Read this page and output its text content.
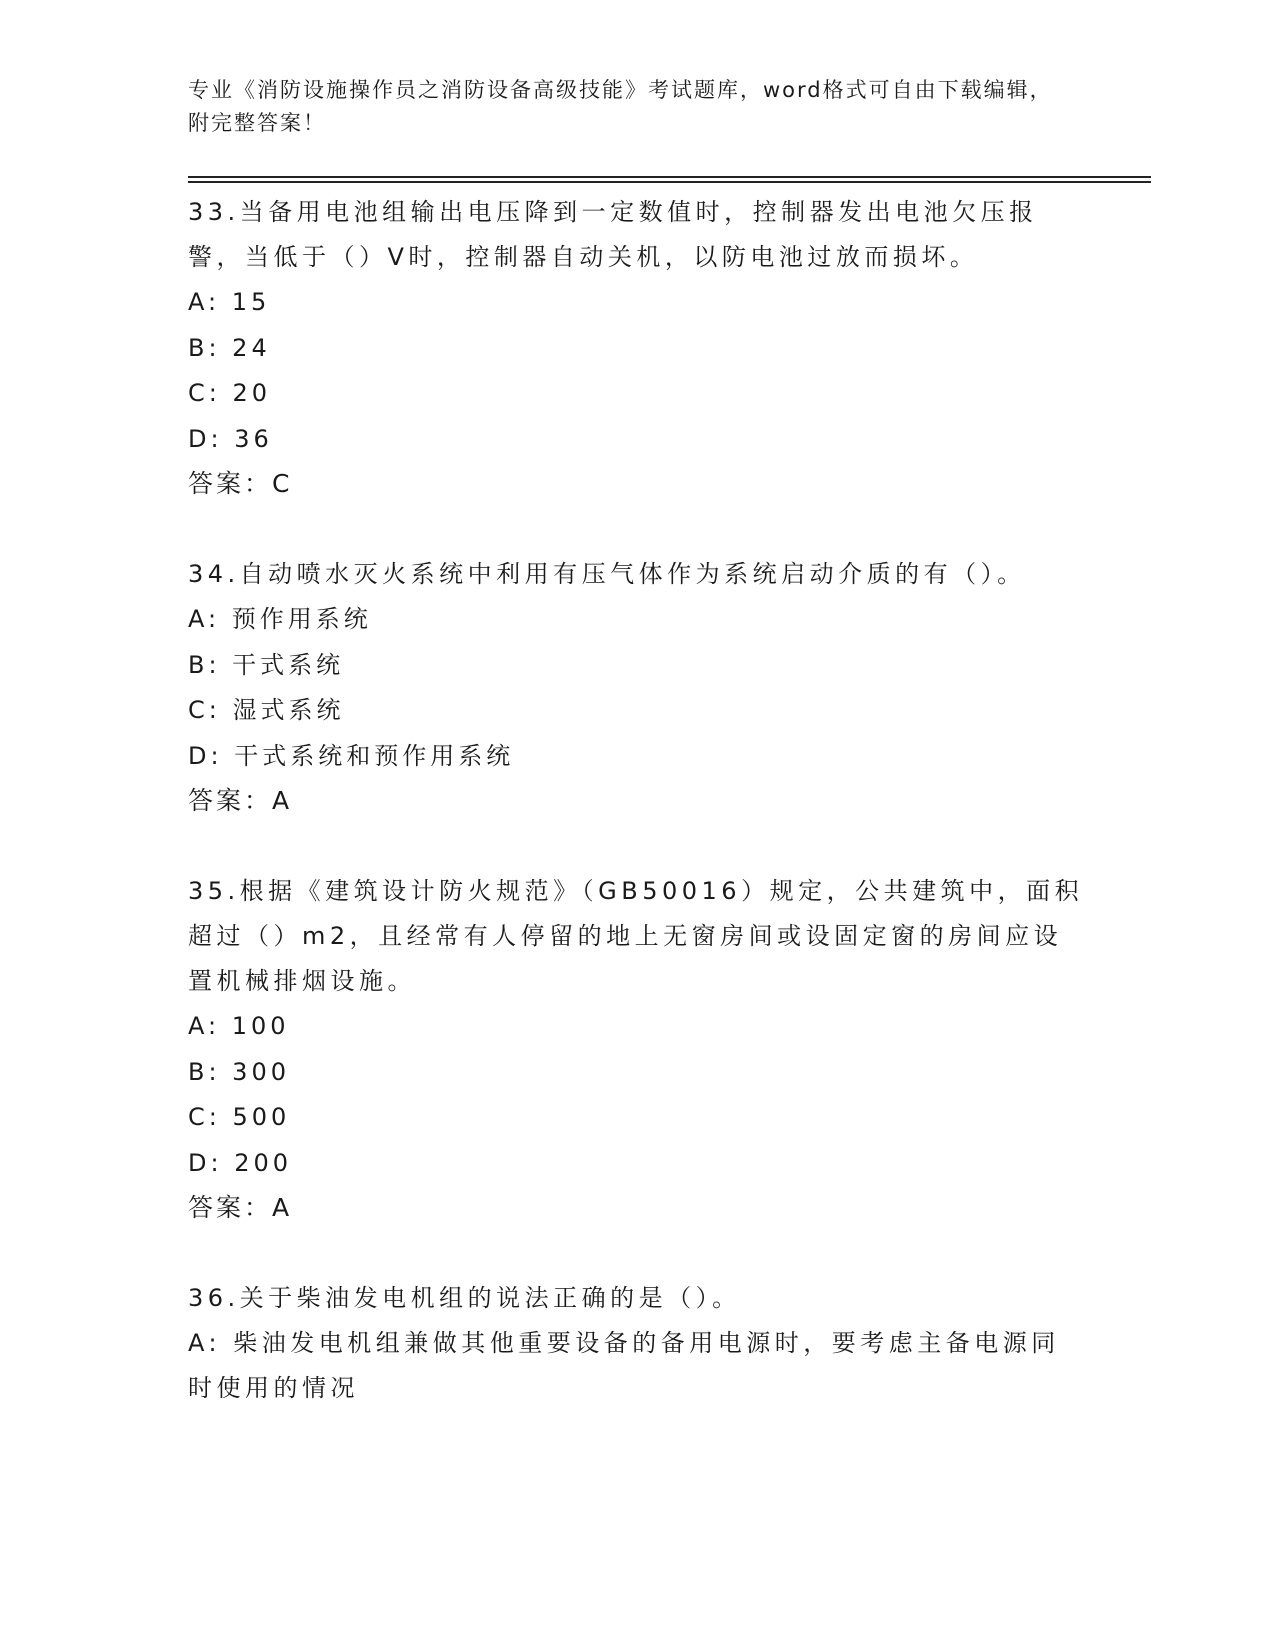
专业《消防设施操作员之消防设备高级技能》考试题库，word格式可自由下载编辑，附完整答案！

33.当备用电池组输出电压降到一定数值时，控制器发出电池欠压报警，当低于（）V时，控制器自动关机，以防电池过放而损坏。

A: 15

B: 24

C: 20

D: 36

答案：C

34.自动喷水灭火系统中利用有压气体作为系统启动介质的有（）。

A: 预作用系统

B: 干式系统

C: 湿式系统

D: 干式系统和预作用系统

答案：A

35.根据《建筑设计防火规范》（GB50016）规定，公共建筑中，面积超过（）m2，且经常有人停留的地上无窗房间或设固定窗的房间应设置机械排烟设施。

A: 100

B: 300

C: 500

D: 200

答案：A

36.关于柴油发电机组的说法正确的是（）。

A: 柴油发电机组兼做其他重要设备的备用电源时，要考虑主备电源同时使用的情况
